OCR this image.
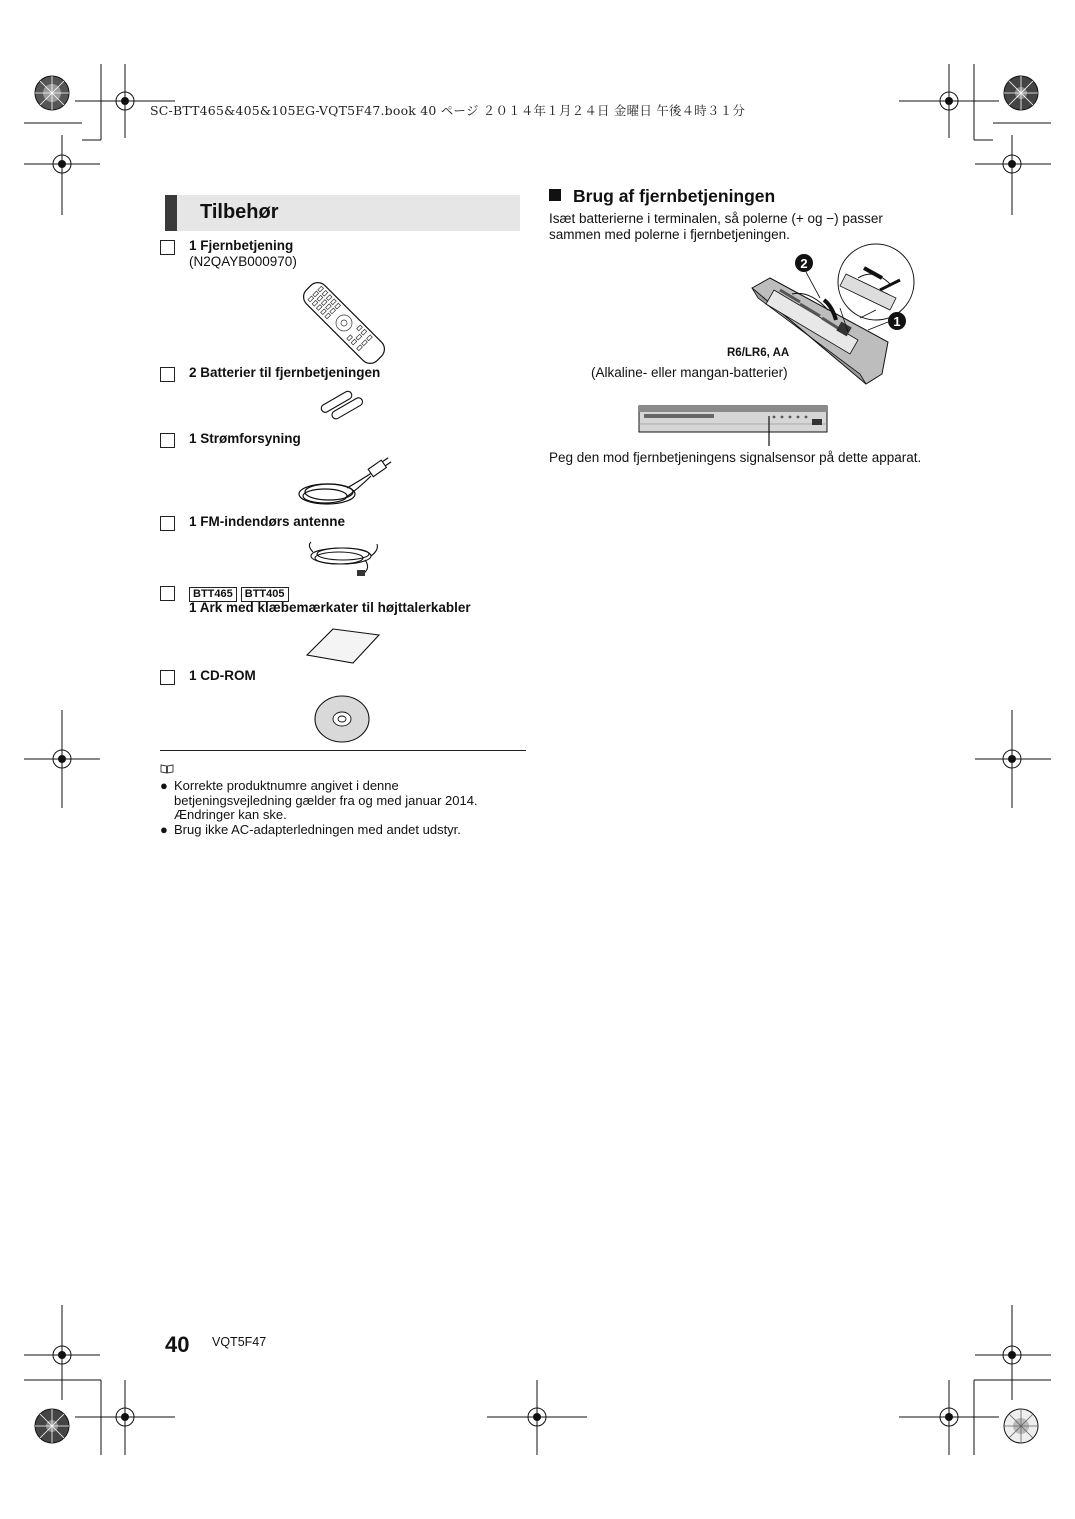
SC-BTT465&405&105EG-VQT5F47.book 40 ページ ２０１４年１月２４日 金曜日 午後４時３１分
Tilbehør
1 Fjernbetjening
(N2QAYB000970)
2 Batterier til fjernbetjeningen
1 Strømforsyning
1 FM-indendørs antenne
BTT465 BTT405
1 Ark med klæbemærkater til højttalerkabler
1 CD-ROM
● Korrekte produktnumre angivet i denne betjeningsvejledning gælder fra og med januar 2014. Ændringer kan ske.
● Brug ikke AC-adapterledningen med andet udstyr.
Brug af fjernbetjeningen
Isæt batterierne i terminalen, så polerne (+ og −) passer sammen med polerne i fjernbetjeningen.
2
1
R6/LR6, AA
(Alkaline- eller mangan-batterier)
Peg den mod fjernbetjeningens signalsensor på dette apparat.
40 VQT5F47
